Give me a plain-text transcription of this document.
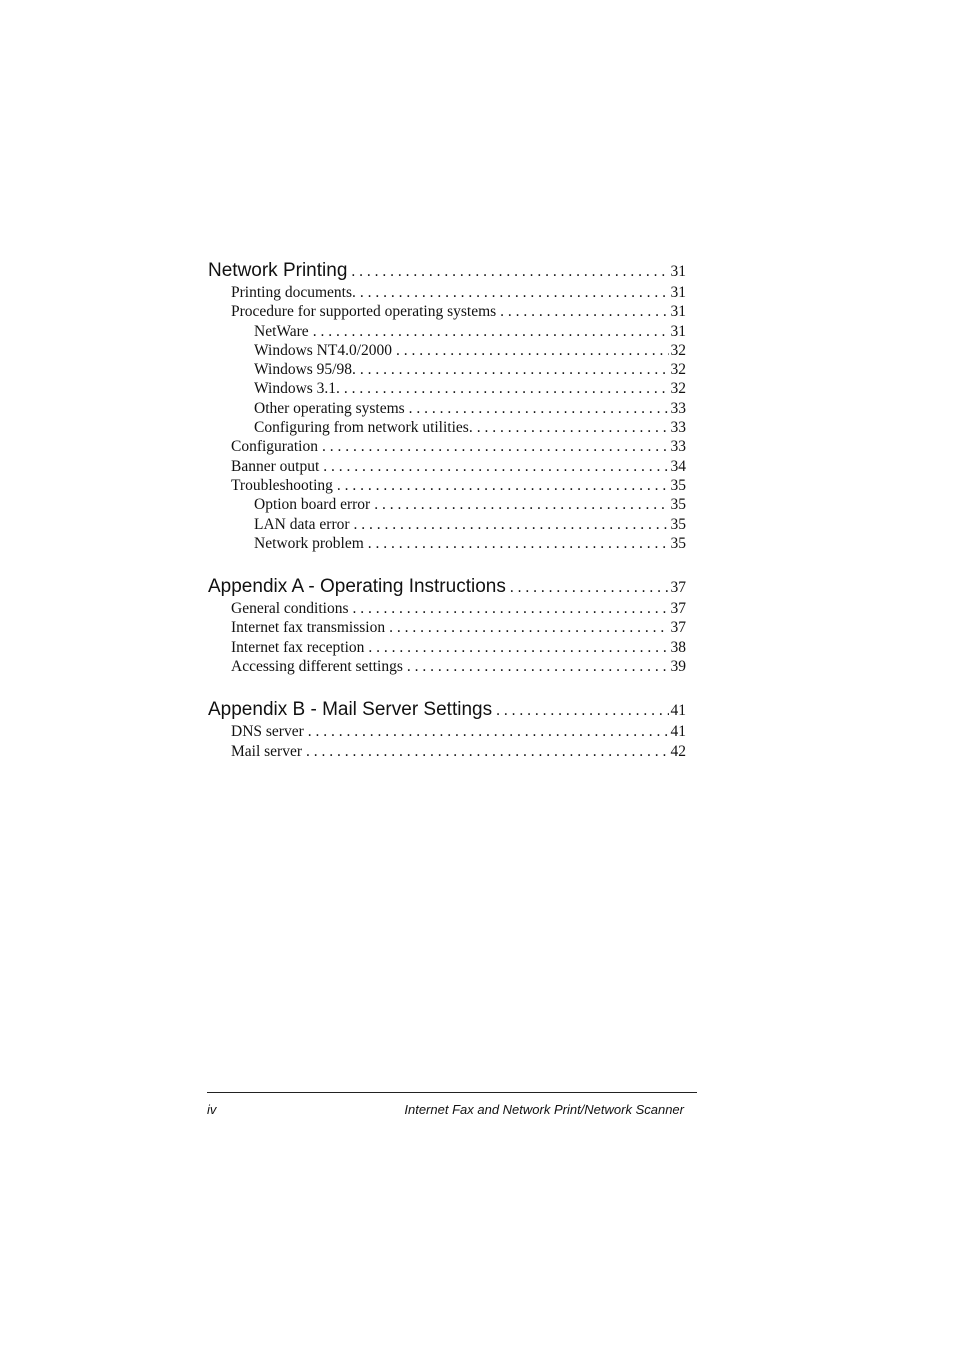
Network Printing . . .	31
Printing documents. . . .	31
Procedure for supported operating systems . . .	31
NetWare . . .	31
Windows NT4.0/2000 . . .	32
Windows 95/98. . . .	32
Windows 3.1. . . .	32
Other operating systems . . .	33
Configuring from network utilities. . . .	33
Configuration . . .	33
Banner output . . .	34
Troubleshooting . . .	35
Option board error . . .	35
LAN data error . . .	35
Network problem . . .	35
Appendix A - Operating Instructions . . .	37
General conditions . . .	37
Internet fax transmission . . .	37
Internet fax reception . . .	38
Accessing different settings . . .	39
Appendix B - Mail Server Settings . . .	41
DNS server . . .	41
Mail server . . .	42
iv	Internet Fax and Network Print/Network Scanner
